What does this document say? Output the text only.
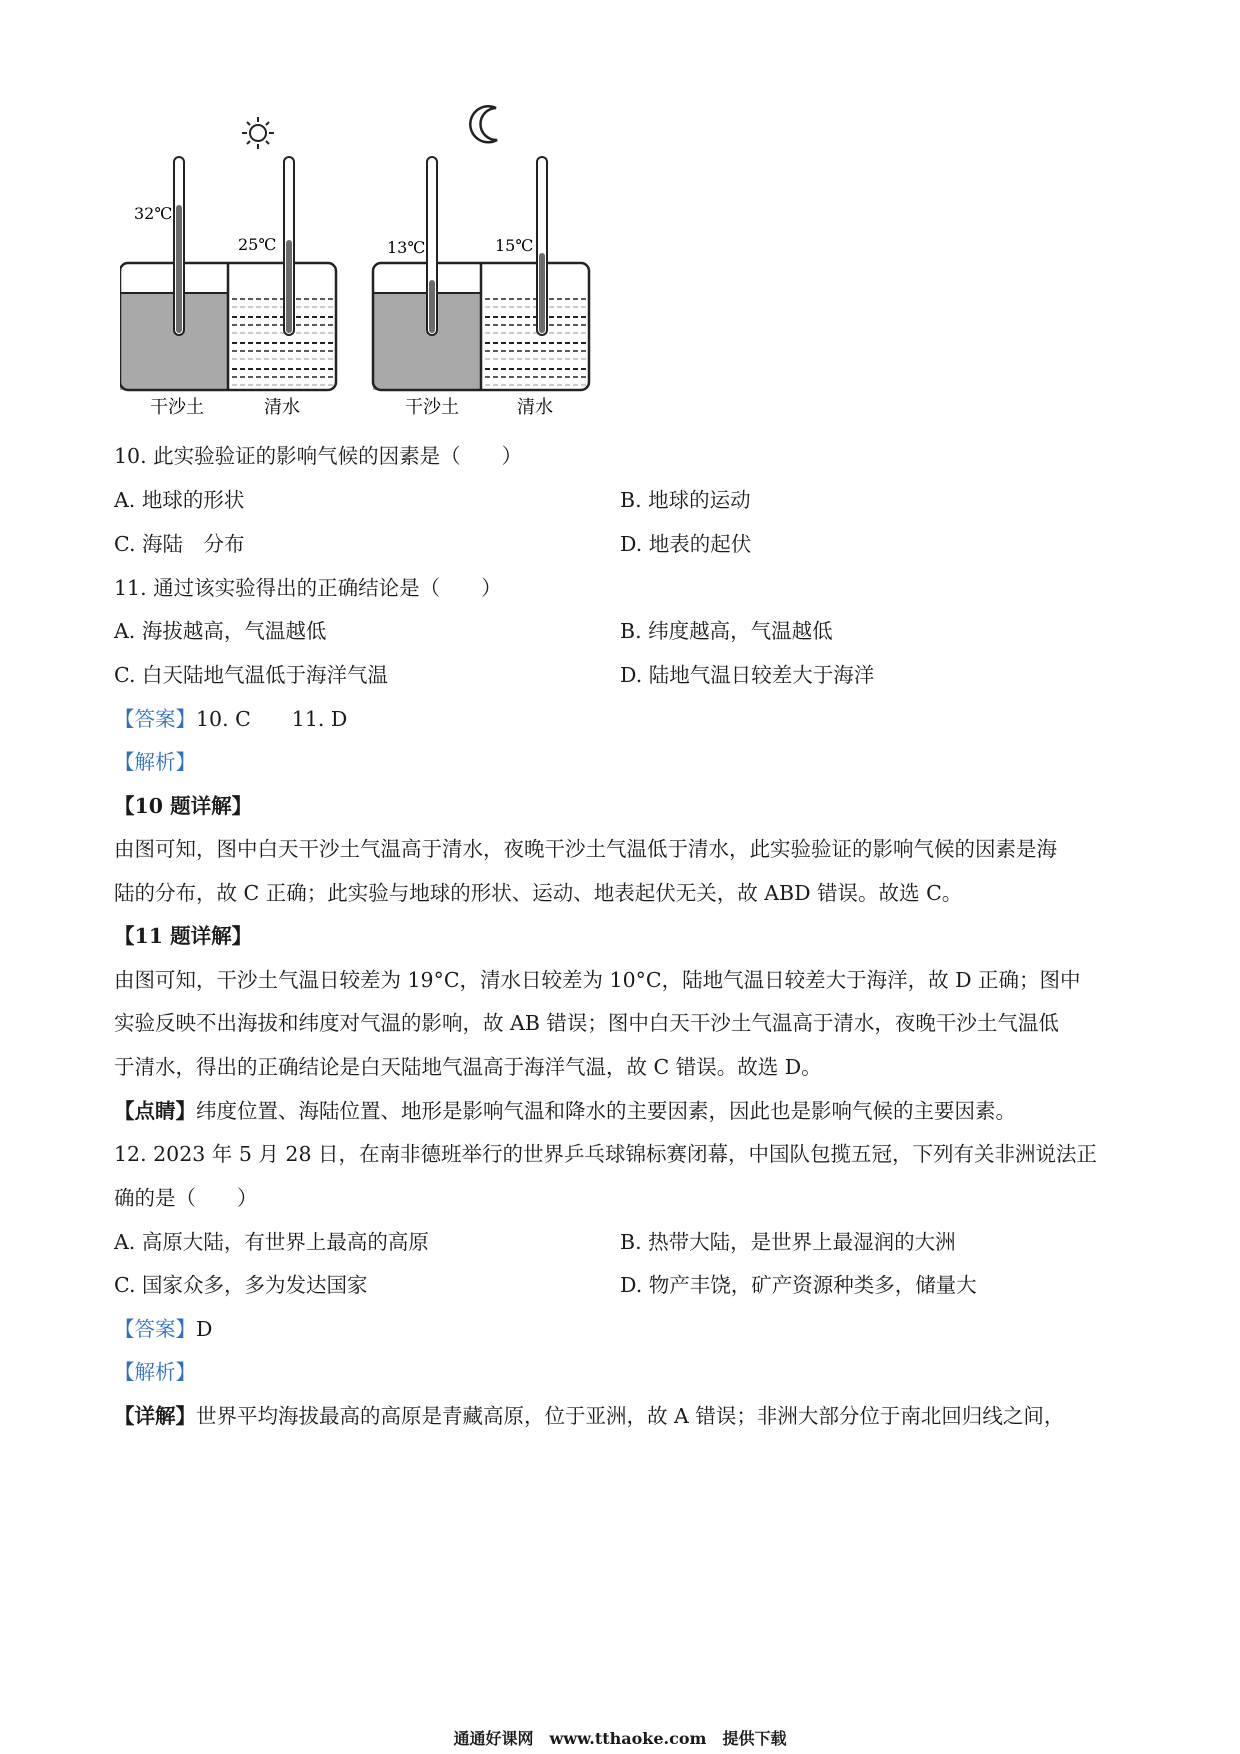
32℃
25℃
干沙土	清水
13℃	15℃
干沙土	清水
10. 此实验验证的影响气候的因素是（　　）
A. 地球的形状	B. 地球的运动
C. 海陆　分布	D. 地表的起伏
11. 通过该实验得出的正确结论是（　　）
A. 海拔越高，气温越低	B. 纬度越高，气温越低
C. 白天陆地气温低于海洋气温	D. 陆地气温日较差大于海洋
【答案】10. C　　11. D
【解析】
【10 题详解】
由图可知，图中白天干沙土气温高于清水，夜晚干沙土气温低于清水，此实验验证的影响气候的因素是海
陆的分布，故 C 正确；此实验与地球的形状、运动、地表起伏无关，故 ABD 错误。故选 C。
【11 题详解】
由图可知，干沙土气温日较差为 19°C，清水日较差为 10°C，陆地气温日较差大于海洋，故 D 正确；图中
实验反映不出海拔和纬度对气温的影响，故 AB 错误；图中白天干沙土气温高于清水，夜晚干沙土气温低
于清水，得出的正确结论是白天陆地气温高于海洋气温，故 C 错误。故选 D。
【点睛】纬度位置、海陆位置、地形是影响气温和降水的主要因素，因此也是影响气候的主要因素。
12. 2023 年 5 月 28 日，在南非德班举行的世界乒乓球锦标赛闭幕，中国队包揽五冠，下列有关非洲说法正
确的是（　　）
A. 高原大陆，有世界上最高的高原	B. 热带大陆，是世界上最湿润的大洲
C. 国家众多，多为发达国家	D. 物产丰饶，矿产资源种类多，储量大
【答案】D
【解析】
【详解】世界平均海拔最高的高原是青藏高原，位于亚洲，故 A 错误；非洲大部分位于南北回归线之间，
通通好课网　www.tthaoke.com　提供下载
